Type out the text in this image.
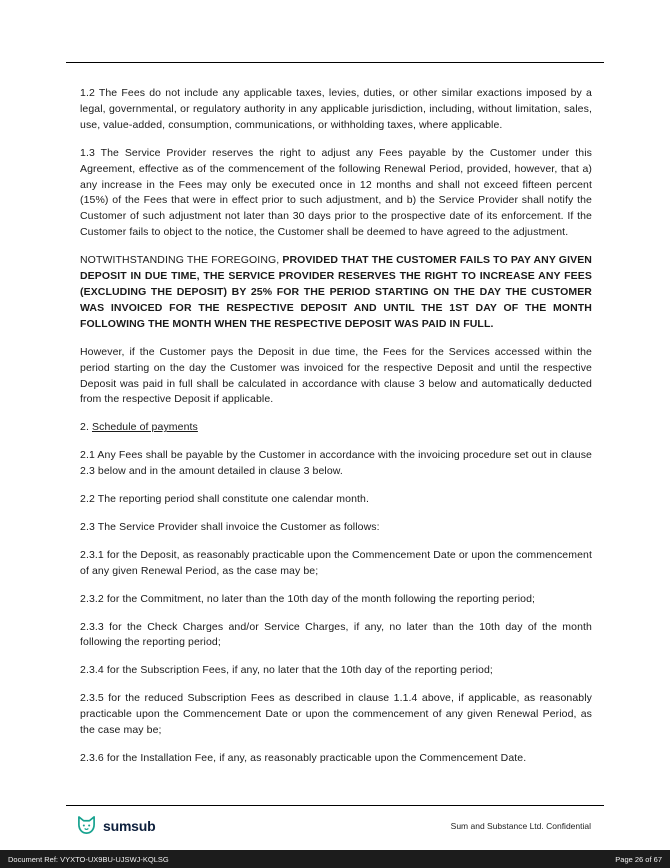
1.2 The Fees do not include any applicable taxes, levies, duties, or other similar exactions imposed by a legal, governmental, or regulatory authority in any applicable jurisdiction, including, without limitation, sales, use, value-added, consumption, communications, or withholding taxes, where applicable.

1.3 The Service Provider reserves the right to adjust any Fees payable by the Customer under this Agreement, effective as of the commencement of the following Renewal Period, provided, however, that a) any increase in the Fees may only be executed once in 12 months and shall not exceed fifteen percent (15%) of the Fees that were in effect prior to such adjustment, and b) the Service Provider shall notify the Customer of such adjustment not later than 30 days prior to the prospective date of its enforcement. If the Customer fails to object to the notice, the Customer shall be deemed to have agreed to the adjustment.

NOTWITHSTANDING THE FOREGOING, PROVIDED THAT THE CUSTOMER FAILS TO PAY ANY GIVEN DEPOSIT IN DUE TIME, THE SERVICE PROVIDER RESERVES THE RIGHT TO INCREASE ANY FEES (EXCLUDING THE DEPOSIT) BY 25% FOR THE PERIOD STARTING ON THE DAY THE CUSTOMER WAS INVOICED FOR THE RESPECTIVE DEPOSIT AND UNTIL THE 1ST DAY OF THE MONTH FOLLOWING THE MONTH WHEN THE RESPECTIVE DEPOSIT WAS PAID IN FULL.

However, if the Customer pays the Deposit in due time, the Fees for the Services accessed within the period starting on the day the Customer was invoiced for the respective Deposit and until the respective Deposit was paid in full shall be calculated in accordance with clause 3 below and automatically deducted from the respective Deposit if applicable.

2. Schedule of payments

2.1 Any Fees shall be payable by the Customer in accordance with the invoicing procedure set out in clause 2.3 below and in the amount detailed in clause 3 below.

2.2 The reporting period shall constitute one calendar month.

2.3 The Service Provider shall invoice the Customer as follows:

2.3.1 for the Deposit, as reasonably practicable upon the Commencement Date or upon the commencement of any given Renewal Period, as the case may be;

2.3.2 for the Commitment, no later than the 10th day of the month following the reporting period;

2.3.3 for the Check Charges and/or Service Charges, if any, no later than the 10th day of the month following the reporting period;

2.3.4 for the Subscription Fees, if any, no later that the 10th day of the reporting period;

2.3.5 for the reduced Subscription Fees as described in clause 1.1.4 above, if applicable, as reasonably practicable upon the Commencement Date or upon the commencement of any given Renewal Period, as the case may be;

2.3.6 for the Installation Fee, if any, as reasonably practicable upon the Commencement Date.

sumsub	Sum and Substance Ltd. Confidential
Document Ref: VYXTO-UX9BU-UJSWJ-KQLSG	Page 26 of 67
